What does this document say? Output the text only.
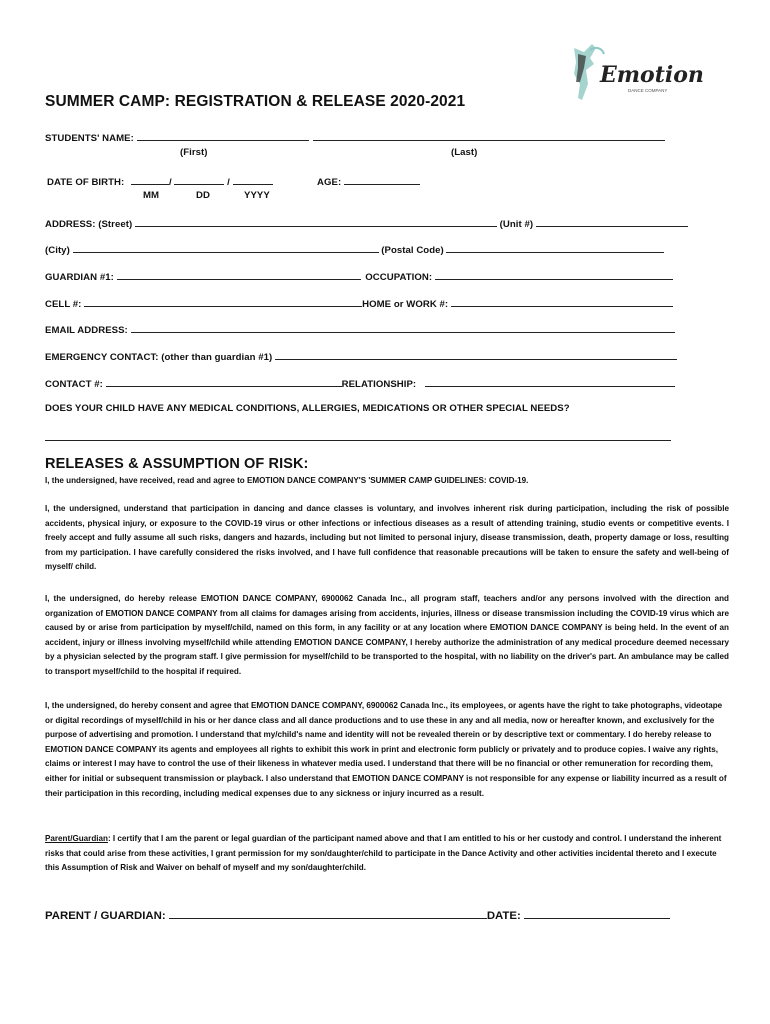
Emotion
DANCE COMPANY
SUMMER CAMP: REGISTRATION & RELEASE 2020-2021
STUDENTS' NAME:
(First)	(Last)
DATE OF BIRTH:	/	/
MM	DD	YYYY
AGE:
ADDRESS: (Street)	(Unit #)
(City)	(Postal Code)
GUARDIAN #1:	OCCUPATION:
CELL #:	HOME or WORK #:
EMAIL ADDRESS:
EMERGENCY CONTACT: (other than guardian #1)
CONTACT #:	RELATIONSHIP:
DOES YOUR CHILD HAVE ANY MEDICAL CONDITIONS, ALLERGIES, MEDICATIONS OR OTHER SPECIAL NEEDS?
RELEASES & ASSUMPTION OF RISK:
I, the undersigned, have received, read and agree to EMOTION DANCE COMPANY'S 'SUMMER CAMP GUIDELINES: COVID-19.
I, the undersigned, understand that participation in dancing and dance classes is voluntary, and involves inherent risk during participation, including the risk of possible accidents, physical injury, or exposure to the COVID-19 virus or other infections or infectious diseases as a result of attending training, studio events or competitive events. I freely accept and fully assume all such risks, dangers and hazards, including but not limited to personal injury, disease transmission, death, property damage or loss, resulting from my participation. I have carefully considered the risks involved, and I have full confidence that reasonable precautions will be taken to ensure the safety and well-being of myself/ child.
I, the undersigned, do hereby release EMOTION DANCE COMPANY, 6900062 Canada Inc., all program staff, teachers and/or any persons involved with the direction and organization of EMOTION DANCE COMPANY from all claims for damages arising from accidents, injuries, illness or disease transmission including the COVID-19 virus which are caused by or arise from participation by myself/child, named on this form, in any facility or at any location where EMOTION DANCE COMPANY is being held. In the event of an accident, injury or illness involving myself/child while attending EMOTION DANCE COMPANY, I hereby authorize the administration of any medical procedure deemed necessary by a physician selected by the program staff. I give permission for myself/child to be transported to the hospital, with no liability on the driver's part. An ambulance may be called to transport myself/child to the hospital if required.
I, the undersigned, do hereby consent and agree that EMOTION DANCE COMPANY, 6900062 Canada Inc., its employees, or agents have the right to take photographs, videotape or digital recordings of myself/child in his or her dance class and all dance productions and to use these in any and all media, now or hereafter known, and exclusively for the purpose of advertising and promotion. I understand that my/child's name and identity will not be revealed therein or by descriptive text or commentary. I do hereby release to EMOTION DANCE COMPANY its agents and employees all rights to exhibit this work in print and electronic form publicly or privately and to produce copies. I waive any rights, claims or interest I may have to control the use of their likeness in whatever media used. I understand that there will be no financial or other remuneration for recording them, either for initial or subsequent transmission or playback. I also understand that EMOTION DANCE COMPANY is not responsible for any expense or liability incurred as a result of their participation in this recording, including medical expenses due to any sickness or injury incurred as a result.
Parent/Guardian: I certify that I am the parent or legal guardian of the participant named above and that I am entitled to his or her custody and control. I understand the inherent risks that could arise from these activities, I grant permission for my son/daughter/child to participate in the Dance Activity and other activities incidental thereto and I execute this Assumption of Risk and Waiver on behalf of myself and my son/daughter/child.
PARENT / GUARDIAN:	DATE:
